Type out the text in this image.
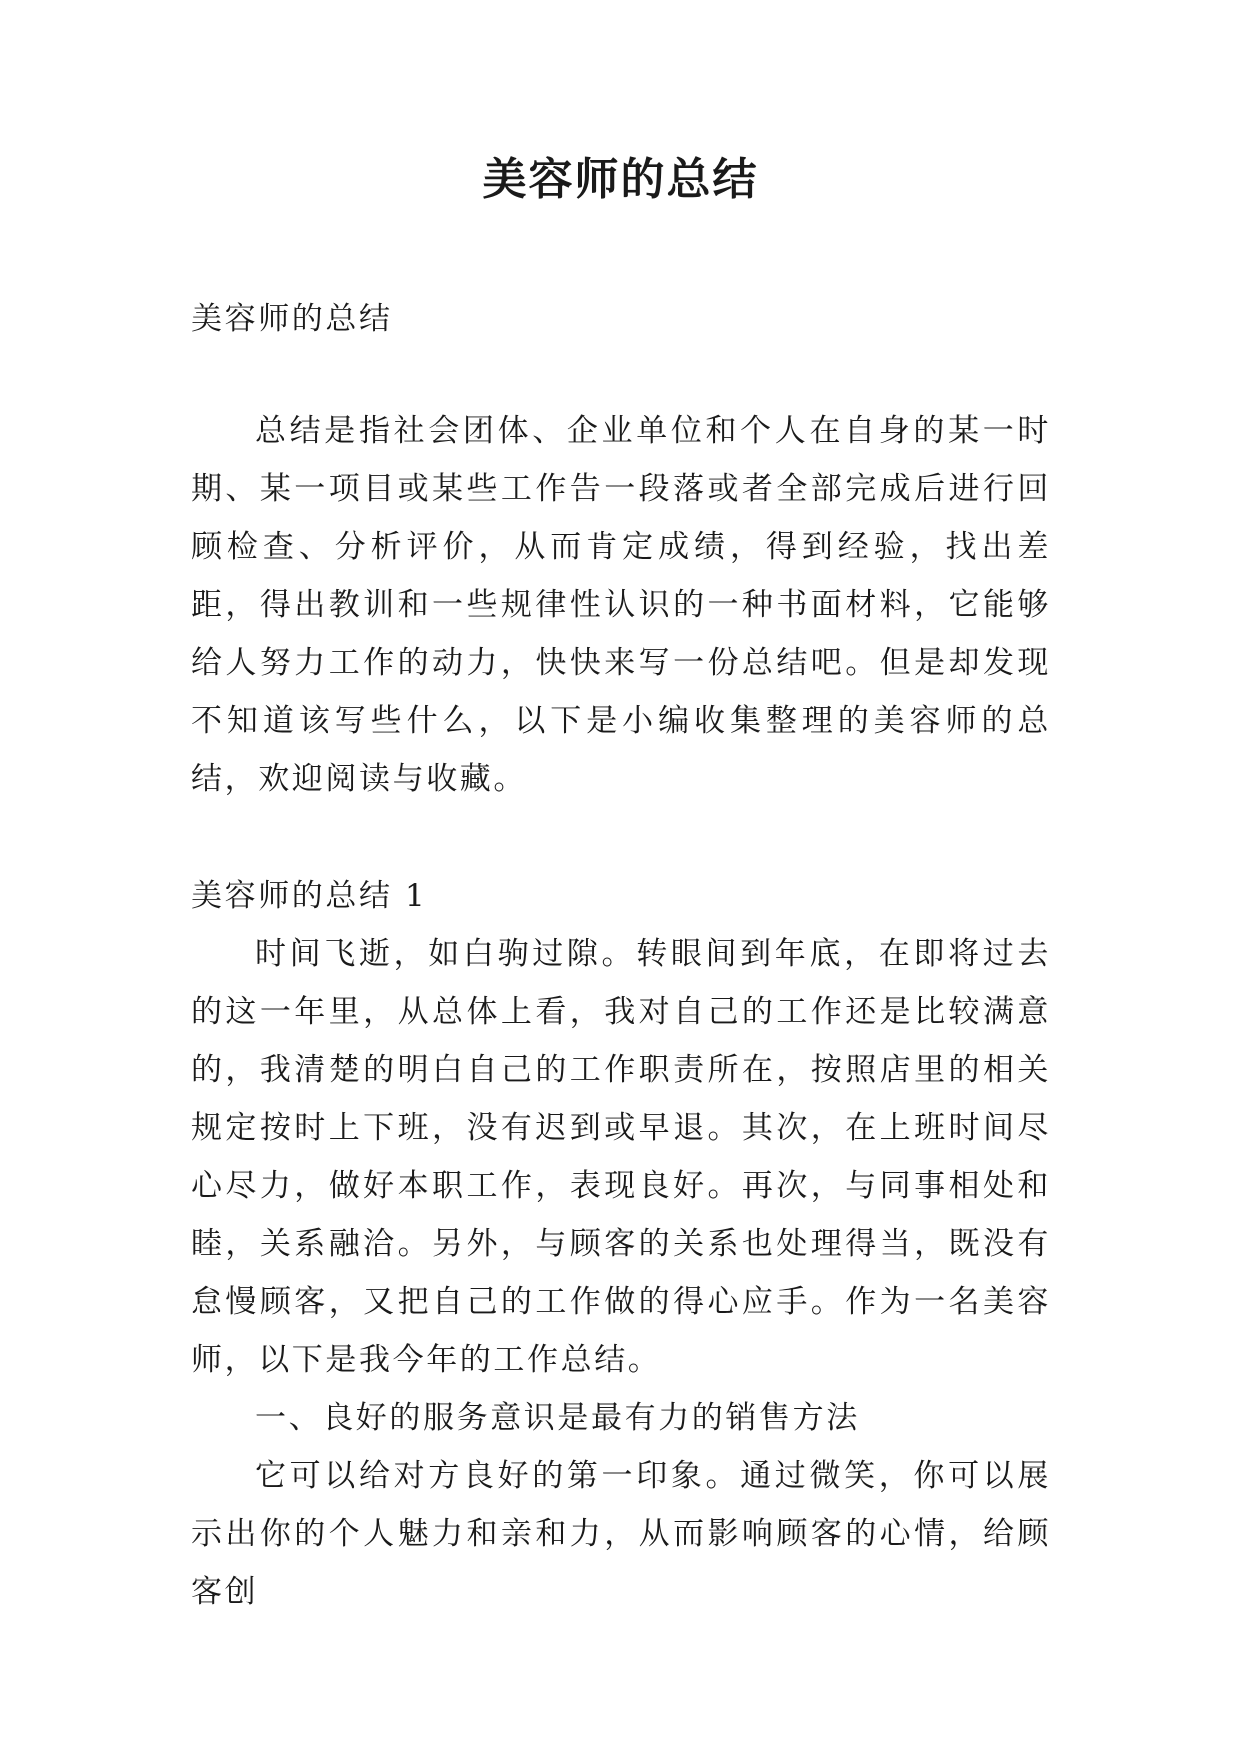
美容师的总结
美容师的总结
总结是指社会团体、企业单位和个人在自身的某一时期、某一项目或某些工作告一段落或者全部完成后进行回顾检查、分析评价，从而肯定成绩，得到经验，找出差距，得出教训和一些规律性认识的一种书面材料，它能够给人努力工作的动力，快快来写一份总结吧。但是却发现不知道该写些什么，以下是小编收集整理的美容师的总结，欢迎阅读与收藏。
美容师的总结 1

时间飞逝，如白驹过隙。转眼间到年底，在即将过去的这一年里，从总体上看，我对自己的工作还是比较满意的，我清楚的明白自己的工作职责所在，按照店里的相关规定按时上下班，没有迟到或早退。其次，在上班时间尽心尽力，做好本职工作，表现良好。再次，与同事相处和睦，关系融洽。另外，与顾客的关系也处理得当，既没有怠慢顾客，又把自己的工作做的得心应手。作为一名美容师，以下是我今年的工作总结。

一、良好的服务意识是最有力的销售方法

它可以给对方良好的第一印象。通过微笑，你可以展示出你的个人魅力和亲和力，从而影响顾客的心情，给顾客创
